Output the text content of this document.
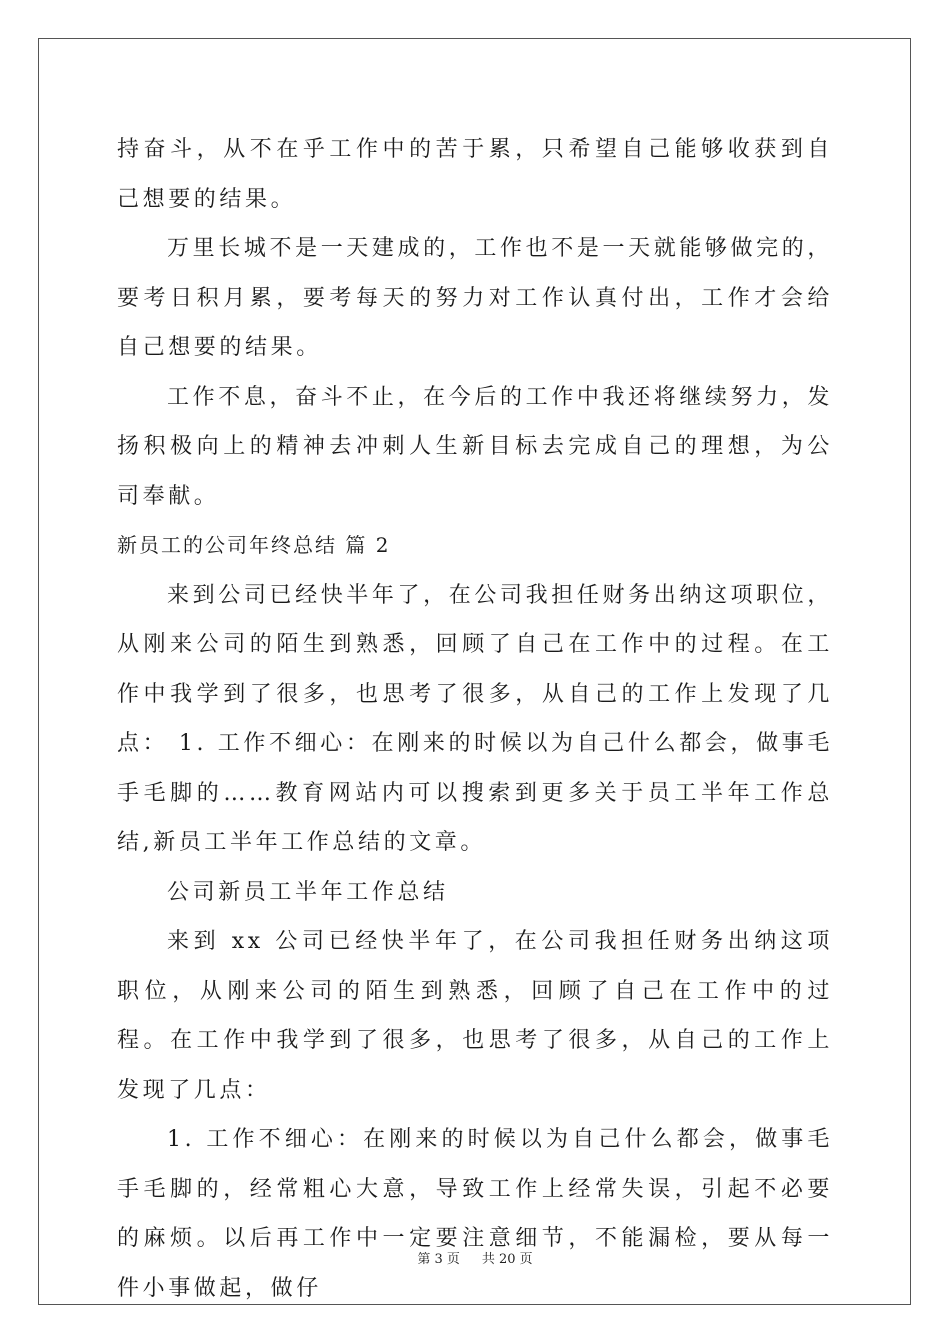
持奋斗，从不在乎工作中的苦于累，只希望自己能够收获到自己想要的结果。

万里长城不是一天建成的，工作也不是一天就能够做完的，要考日积月累，要考每天的努力对工作认真付出，工作才会给自己想要的结果。

工作不息，奋斗不止，在今后的工作中我还将继续努力，发扬积极向上的精神去冲刺人生新目标去完成自己的理想，为公司奉献。

新员工的公司年终总结 篇 2

来到公司已经快半年了，在公司我担任财务出纳这项职位，从刚来公司的陌生到熟悉，回顾了自己在工作中的过程。在工作中我学到了很多，也思考了很多，从自己的工作上发现了几点： 1. 工作不细心：在刚来的时候以为自己什么都会，做事毛手毛脚的……教育网站内可以搜索到更多关于员工半年工作总结,新员工半年工作总结的文章。

公司新员工半年工作总结

来到 xx 公司已经快半年了，在公司我担任财务出纳这项职位，从刚来公司的陌生到熟悉，回顾了自己在工作中的过程。在工作中我学到了很多，也思考了很多，从自己的工作上发现了几点：

1. 工作不细心：在刚来的时候以为自己什么都会，做事毛手毛脚的，经常粗心大意，导致工作上经常失误，引起不必要的麻烦。以后再工作中一定要注意细节，不能漏检，要从每一件小事做起，做仔

第 3 页 共 20 页
